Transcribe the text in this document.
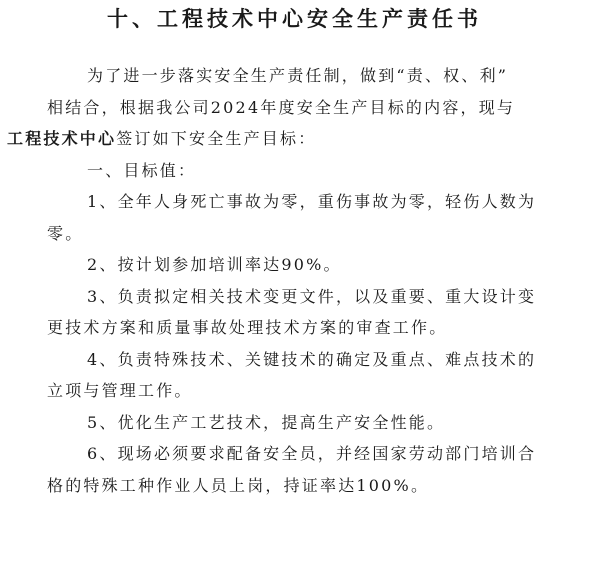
十、工程技术中心安全生产责任书

为了进一步落实安全生产责任制，做到“责、权、利”
相结合，根据我公司2024年度安全生产目标的内容，现与
工程技术中心签订如下安全生产目标：

一、目标值：

1、全年人身死亡事故为零，重伤事故为零，轻伤人数为零。

2、按计划参加培训率达90%。

3、负责拟定相关技术变更文件，以及重要、重大设计变更技术方案和质量事故处理技术方案的审查工作。

4、负责特殊技术、关键技术的确定及重点、难点技术的立项与管理工作。

5、优化生产工艺技术，提高生产安全性能。

6、现场必须要求配备安全员，并经国家劳动部门培训合格的特殊工种作业人员上岗，持证率达100%。
